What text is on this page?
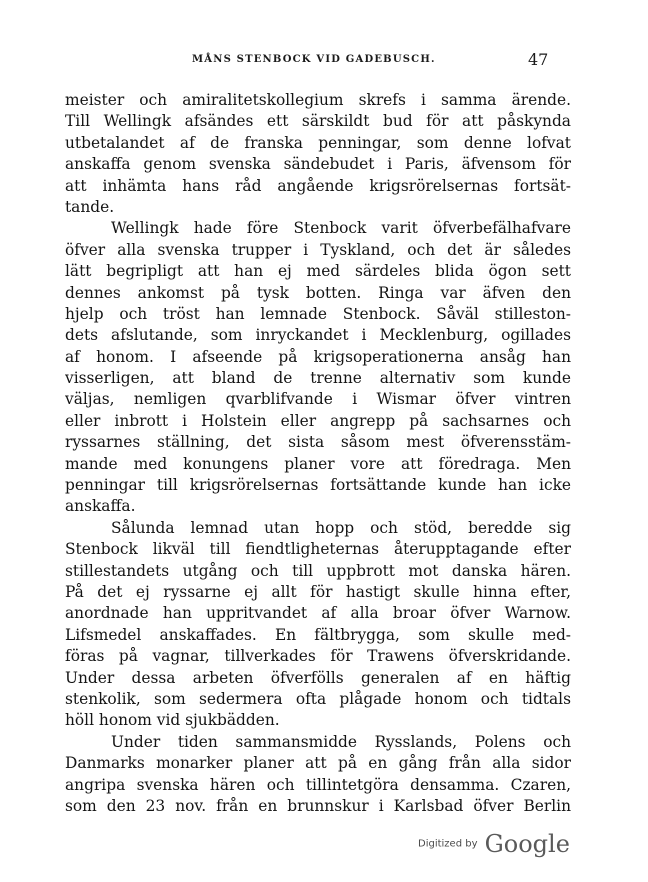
MÅNS STENBOCK VID GADEBUSCH.	47
meister och amiralitetskollegium skrefs i samma ärende.
Till Wellingk afsändes ett särskildt bud för att påskynda
utbetalandet af de franska penningar, som denne lofvat
anskaffa genom svenska sändebudet i Paris, äfvensom för
att inhämta hans råd angående krigsrörelsernas fortsät-
tande.
Wellingk hade före Stenbock varit öfverbefälhafvare
öfver alla svenska trupper i Tyskland, och det är således
lätt begripligt att han ej med särdeles blida ögon sett
dennes ankomst på tysk botten. Ringa var äfven den
hjelp och tröst han lemnade Stenbock. Såväl stilleston-
dets afslutande, som inryckandet i Mecklenburg, ogillades
af honom. I afseende på krigsoperationerna ansåg han
visserligen, att bland de trenne alternativ som kunde
väljas, nemligen qvarblifvande i Wismar öfver vintren
eller inbrott i Holstein eller angrepp på sachsarnes och
ryssarnes ställning, det sista såsom mest öfverensstäm-
mande med konungens planer vore att föredraga. Men
penningar till krigsrörelsernas fortsättande kunde han icke
anskaffa.
Sålunda lemnad utan hopp och stöd, beredde sig
Stenbock likväl till fiendtligheternas återupptagande efter
stillestandets utgång och till uppbrott mot danska hären.
På det ej ryssarne ej allt för hastigt skulle hinna efter,
anordnade han uppritvandet af alla broar öfver Warnow.
Lifsmedel anskaffades. En fältbrygga, som skulle med-
föras på vagnar, tillverkades för Trawens öfverskridande.
Under dessa arbeten öfverfölls generalen af en häftig
stenkolik, som sedermera ofta plågade honom och tidtals
höll honom vid sjukbädden.
Under tiden sammansmidde Rysslands, Polens och
Danmarks monarker planer att på en gång från alla sidor
angripa svenska hären och tillintetgöra densamma. Czaren,
som den 23 nov. från en brunnskur i Karlsbad öfver Berlin
Digitized by Google
